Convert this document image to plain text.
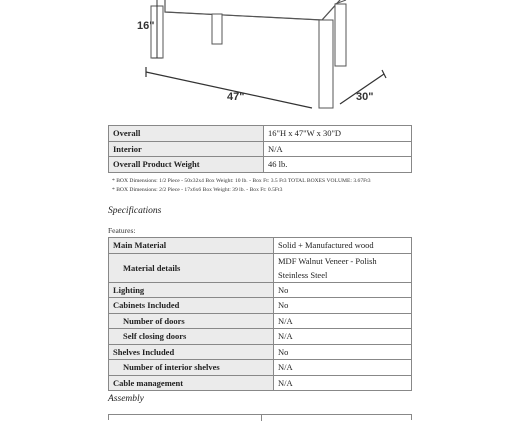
16"
47"	30"
Overall	16"H x 47"W x 30"D
Interior	N/A
Overall Product Weight	46 lb.
* BOX Dimensions: 1/2 Piece - 50x32x4 Box Weight: 10 lb. - Box Ft: 3.5 Ft3 TOTAL BOXES VOLUME: 3.67Ft3
* BOX Dimensions: 2/2 Piece - 17x6x6 Box Weight: 39 lb. - Box Ft: 0.5Ft3
Specifications
Features:
Main Material	Solid + Manufactured wood
Material details	MDF Walnut Veneer - Polish Steinless Steel
Lighting	No
Cabinets Included	No
Number of doors	N/A
Self closing doors	N/A
Shelves Included	No
Number of interior shelves	N/A
Cable management	N/A
Assembly
